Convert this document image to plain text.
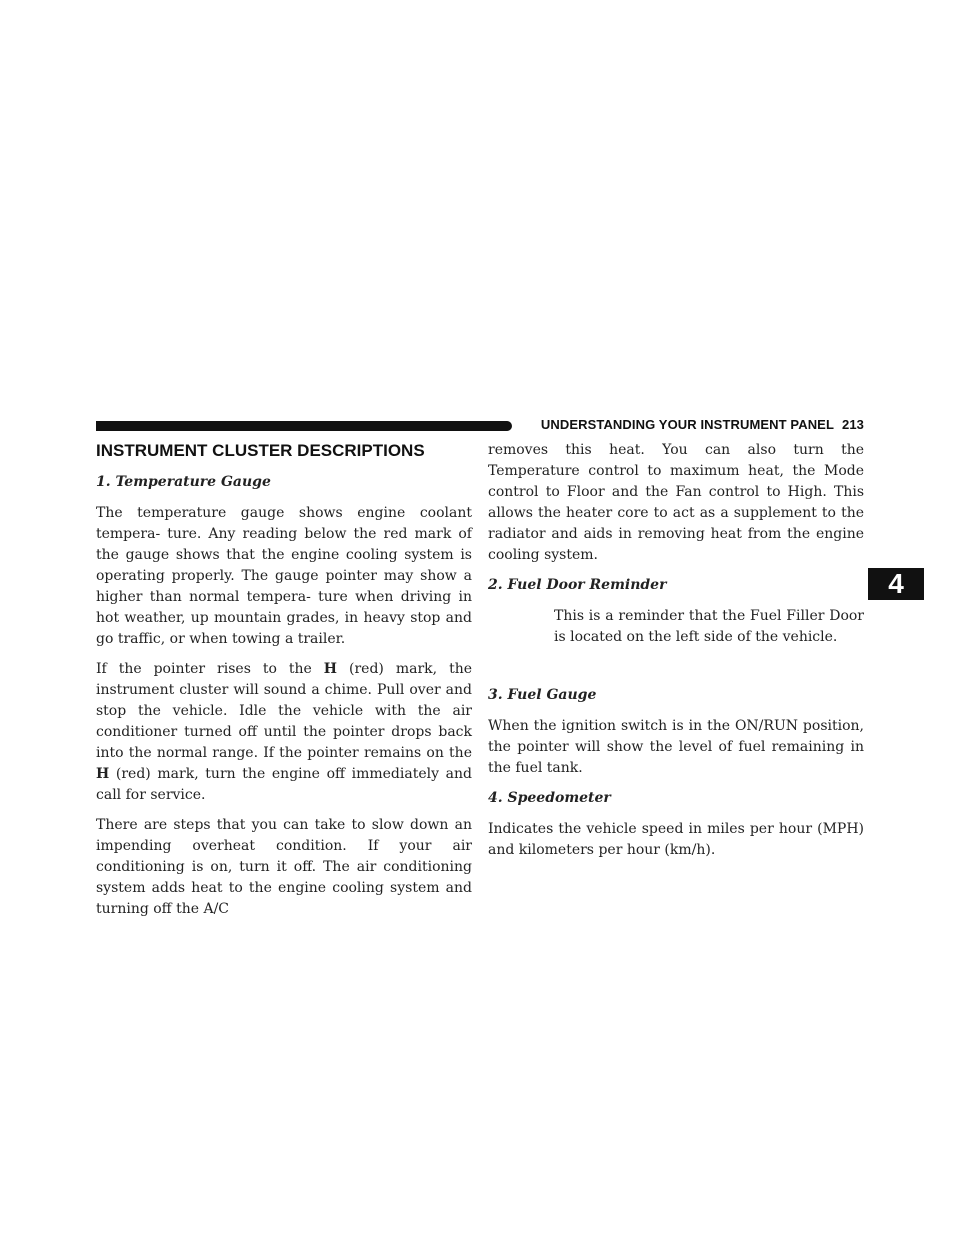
UNDERSTANDING YOUR INSTRUMENT PANEL 213
4
INSTRUMENT CLUSTER DESCRIPTIONS
1. Temperature Gauge

The temperature gauge shows engine coolant tempera- ture. Any reading below the red mark of the gauge shows that the engine cooling system is operating properly. The gauge pointer may show a higher than normal tempera- ture when driving in hot weather, up mountain grades, in heavy stop and go traffic, or when towing a trailer.

If the pointer rises to the H (red) mark, the instrument cluster will sound a chime. Pull over and stop the vehicle. Idle the vehicle with the air conditioner turned off until the pointer drops back into the normal range. If the pointer remains on the H (red) mark, turn the engine off immediately and call for service.

There are steps that you can take to slow down an impending overheat condition. If your air conditioning is on, turn it off. The air conditioning system adds heat to the engine cooling system and turning off the A/C

removes this heat. You can also turn the Temperature control to maximum heat, the Mode control to Floor and the Fan control to High. This allows the heater core to act as a supplement to the radiator and aids in removing heat from the engine cooling system.

2. Fuel Door Reminder

This is a reminder that the Fuel Filler Door is located on the left side of the vehicle.

3. Fuel Gauge

When the ignition switch is in the ON/RUN position, the pointer will show the level of fuel remaining in the fuel tank.

4. Speedometer

Indicates the vehicle speed in miles per hour (MPH) and kilometers per hour (km/h).
